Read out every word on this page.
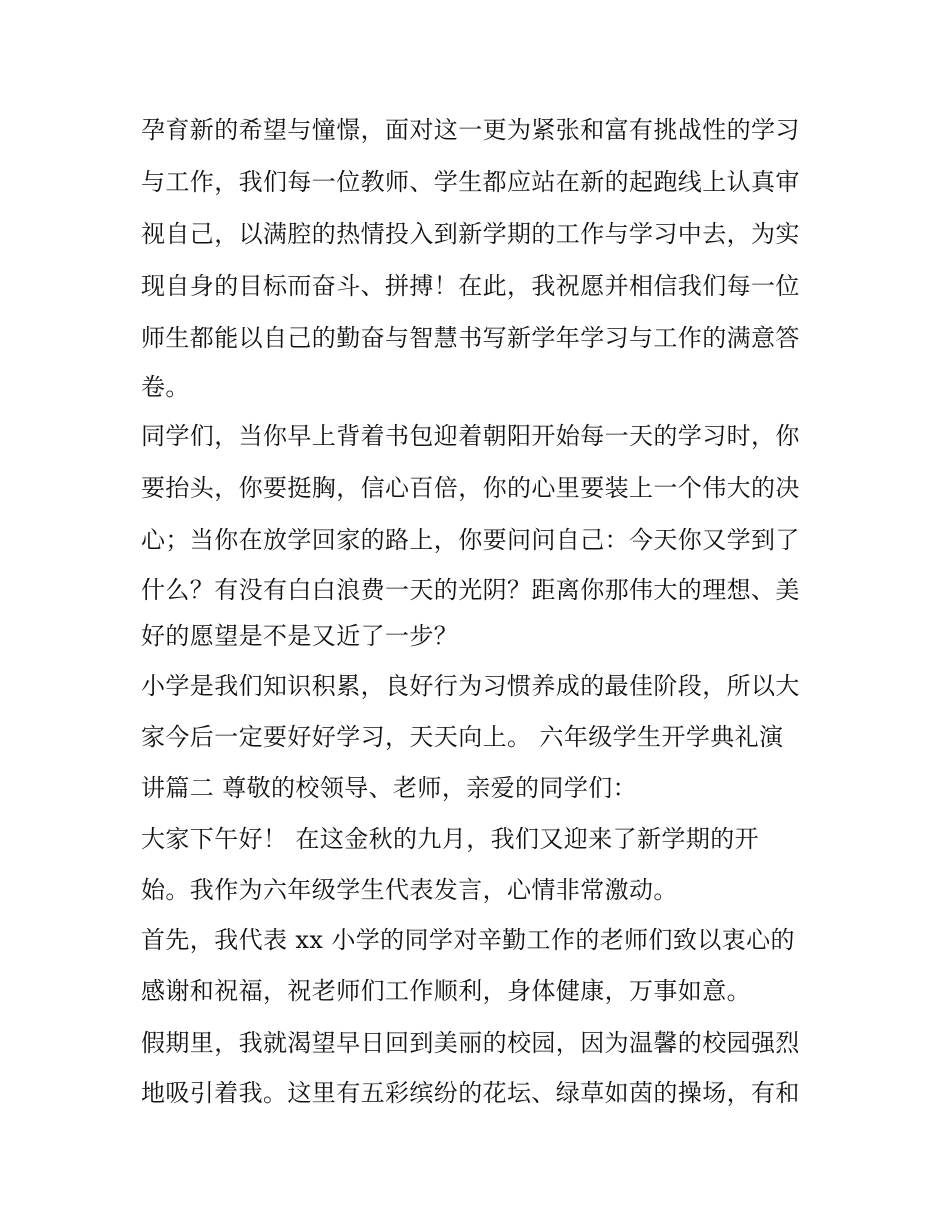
孕育新的希望与憧憬，面对这一更为紧张和富有挑战性的学习
与工作，我们每一位教师、学生都应站在新的起跑线上认真审
视自己，以满腔的热情投入到新学期的工作与学习中去，为实
现自身的目标而奋斗、拼搏！在此，我祝愿并相信我们每一位
师生都能以自己的勤奋与智慧书写新学年学习与工作的满意答
卷。
同学们，当你早上背着书包迎着朝阳开始每一天的学习时，你
要抬头，你要挺胸，信心百倍，你的心里要装上一个伟大的决
心；当你在放学回家的路上，你要问问自己：今天你又学到了
什么？有没有白白浪费一天的光阴？距离你那伟大的理想、美
好的愿望是不是又近了一步？
小学是我们知识积累，良好行为习惯养成的最佳阶段，所以大
家今后一定要好好学习，天天向上。 六年级学生开学典礼演
讲篇二 尊敬的校领导、老师，亲爱的同学们：
大家下午好！ 在这金秋的九月，我们又迎来了新学期的开
始。我作为六年级学生代表发言，心情非常激动。
首先，我代表 xx 小学的同学对辛勤工作的老师们致以衷心的
感谢和祝福，祝老师们工作顺利，身体健康，万事如意。
假期里，我就渴望早日回到美丽的校园，因为温馨的校园强烈
地吸引着我。这里有五彩缤纷的花坛、绿草如茵的操场，有和
